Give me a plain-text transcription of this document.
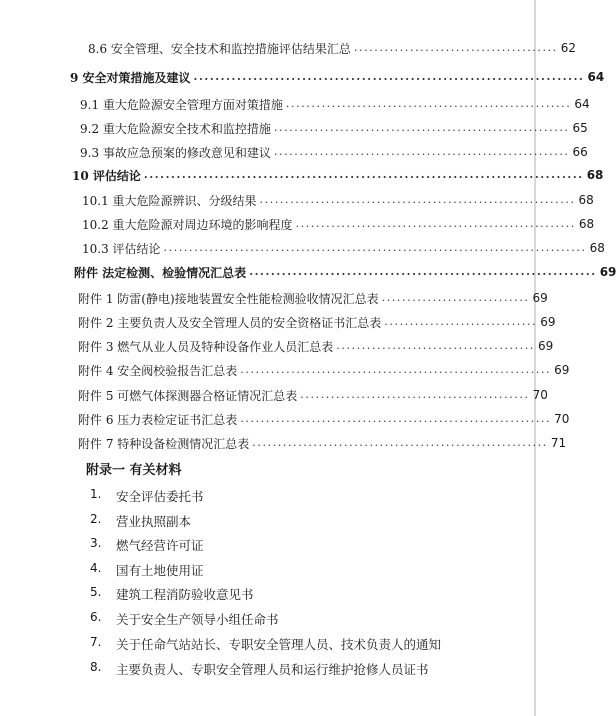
8.6 安全管理、安全技术和监控措施评估结果汇总 ........................................ 62
9 安全对策措施及建议 ........................................................................ 64
9.1 重大危险源安全管理方面对策措施 ........................................................ 64
9.2 重大危险源安全技术和监控措施 .......................................................... 65
9.3 事故应急预案的修改意见和建议 .......................................................... 66
10 评估结论 ................................................................................. 68
10.1 重大危险源辨识、分级结果 .............................................................. 68
10.2 重大危险源对周边环境的影响程度 ....................................................... 68
10.3 评估结论 ................................................................................... 68
附件 法定检测、检验情况汇总表 ................................................................ 69
附件 1 防雷(静电)接地装置安全性能检测验收情况汇总表 ............................. 69
附件 2 主要负责人及安全管理人员的安全资格证书汇总表 .............................. 69
附件 3 燃气从业人员及特种设备作业人员汇总表 ....................................... 69
附件 4 安全阀校验报告汇总表 ............................................................. 69
附件 5 可燃气体探测器合格证情况汇总表 ............................................. 70
附件 6 压力表检定证书汇总表 ............................................................. 70
附件 7 特种设备检测情况汇总表 .......................................................... 71
附录一 有关材料
1.	安全评估委托书
2.	营业执照副本
3.	燃气经营许可证
4.	国有土地使用证
5.	建筑工程消防验收意见书
6.	关于安全生产领导小组任命书
7.	关于任命气站站长、专职安全管理人员、技术负责人的通知
8.	主要负责人、专职安全管理人员和运行维护抢修人员证书
